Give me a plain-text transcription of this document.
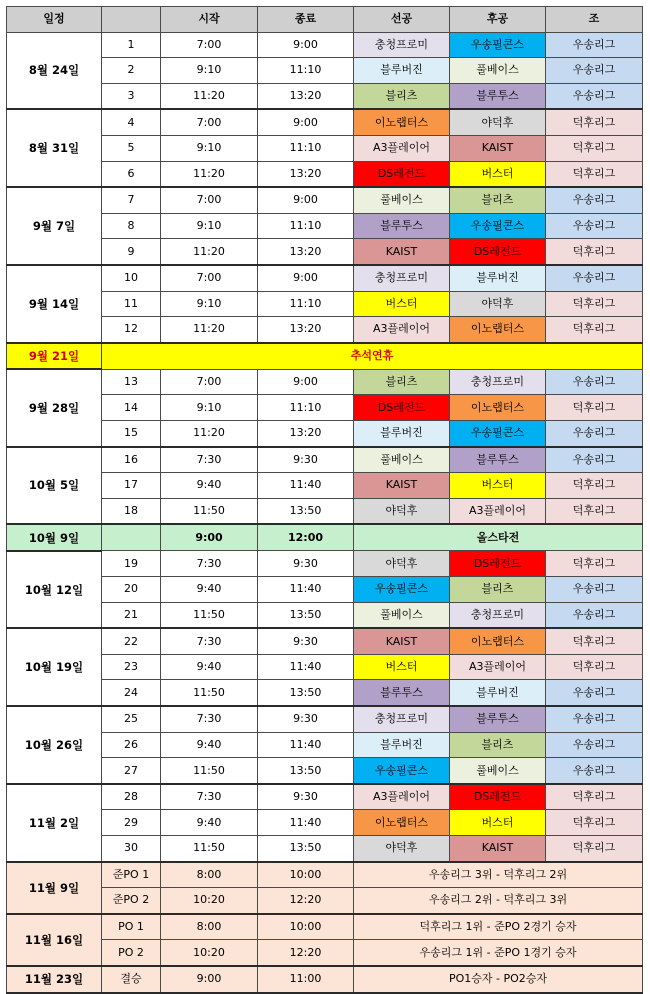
일정		시작	종료	선공	후공	조
8월 24일	1	7:00	9:00	충청프로미	우송필콘스	우송리그
	2	9:10	11:10	블루버진	풀베이스	우송리그
	3	11:20	13:20	블리츠	블루투스	우송리그
8월 31일	4	7:00	9:00	이노랩터스	야덕후	덕후리그
	5	9:10	11:10	A3플레이어	KAIST	덕후리그
	6	11:20	13:20	DS레전드	버스터	덕후리그
9월 7일	7	7:00	9:00	풀베이스	블리츠	우송리그
	8	9:10	11:10	블루투스	우송필콘스	우송리그
	9	11:20	13:20	KAIST	DS레전드	덕후리그
9월 14일	10	7:00	9:00	충청프로미	블루버진	우송리그
	11	9:10	11:10	버스터	야덕후	덕후리그
	12	11:20	13:20	A3플레이어	이노랩터스	덕후리그
9월 21일	추석연휴					
9월 28일	13	7:00	9:00	블리츠	충청프로미	우송리그
	14	9:10	11:10	DS레전드	이노랩터스	덕후리그
	15	11:20	13:20	블루버진	우송필콘스	우송리그
10월 5일	16	7:30	9:30	풀베이스	블루투스	우송리그
	17	9:40	11:40	KAIST	버스터	덕후리그
	18	11:50	13:50	야덕후	A3플레이어	덕후리그
10월 9일		9:00	12:00	올스타전		
10월 12일	19	7:30	9:30	야덕후	DS레전드	덕후리그
	20	9:40	11:40	우송필콘스	블리츠	우송리그
	21	11:50	13:50	풀베이스	충청프로미	우송리그
10월 19일	22	7:30	9:30	KAIST	이노랩터스	덕후리그
	23	9:40	11:40	버스터	A3플레이어	덕후리그
	24	11:50	13:50	블루투스	블루버진	우송리그
10월 26일	25	7:30	9:30	충청프로미	블루투스	우송리그
	26	9:40	11:40	블루버진	블리츠	우송리그
	27	11:50	13:50	우송필콘스	풀베이스	우송리그
11월 2일	28	7:30	9:30	A3플레이어	DS레전드	덕후리그
	29	9:40	11:40	이노랩터스	버스터	덕후리그
	30	11:50	13:50	야덕후	KAIST	덕후리그
11월 9일	준PO 1	8:00	10:00	우송리그 3위 - 덕후리그 2위		
	준PO 2	10:20	12:20	우송리그 2위 - 덕후리그 3위		
11월 16일	PO 1	8:00	10:00	덕후리그 1위 - 준PO 2경기 승자		
	PO 2	10:20	12:20	우송리그 1위 - 준PO 1경기 승자		
11월 23일	결승	9:00	11:00	PO1승자 - PO2승자		
